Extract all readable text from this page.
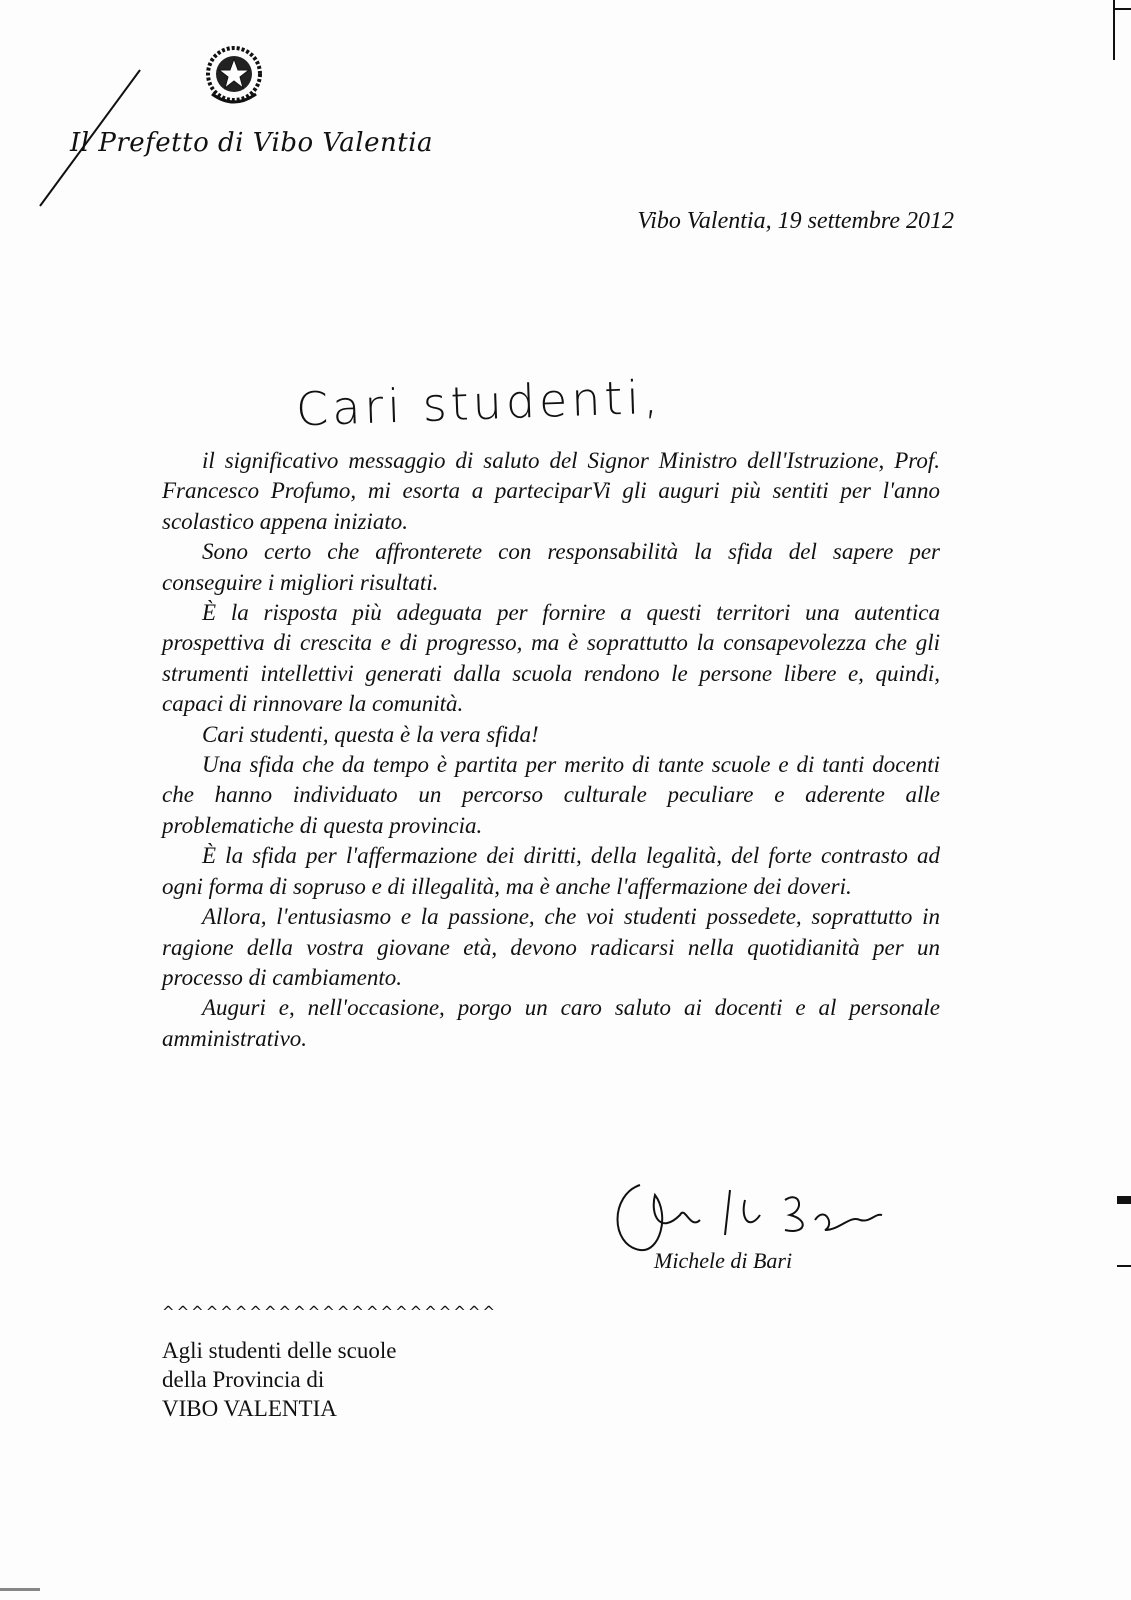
Il Prefetto di Vibo Valentia
Vibo Valentia, 19 settembre 2012
Cari studenti,

il significativo messaggio di saluto del Signor Ministro dell'Istruzione, Prof. Francesco Profumo, mi esorta a parteciparVi gli auguri più sentiti per l'anno scolastico appena iniziato.

Sono certo che affronterete con responsabilità la sfida del sapere per conseguire i migliori risultati.

È la risposta più adeguata per fornire a questi territori una autentica prospettiva di crescita e di progresso, ma è soprattutto la consapevolezza che gli strumenti intellettivi generati dalla scuola rendono le persone libere e, quindi, capaci di rinnovare la comunità.

Cari studenti, questa è la vera sfida!

Una sfida che da tempo è partita per merito di tante scuole e di tanti docenti che hanno individuato un percorso culturale peculiare e aderente alle problematiche di questa provincia.

È la sfida per l'affermazione dei diritti, della legalità, del forte contrasto ad ogni forma di sopruso e di illegalità, ma è anche l'affermazione dei doveri.

Allora, l'entusiasmo e la passione, che voi studenti possedete, soprattutto in ragione della vostra giovane età, devono radicarsi nella quotidianità per un processo di cambiamento.

Auguri e, nell'occasione, porgo un caro saluto ai docenti e al personale amministrativo.

Michele di Bari
^^^^^^^^^^^^^^^^^^^^^^^
Agli studenti delle scuole
della Provincia di
VIBO VALENTIA
